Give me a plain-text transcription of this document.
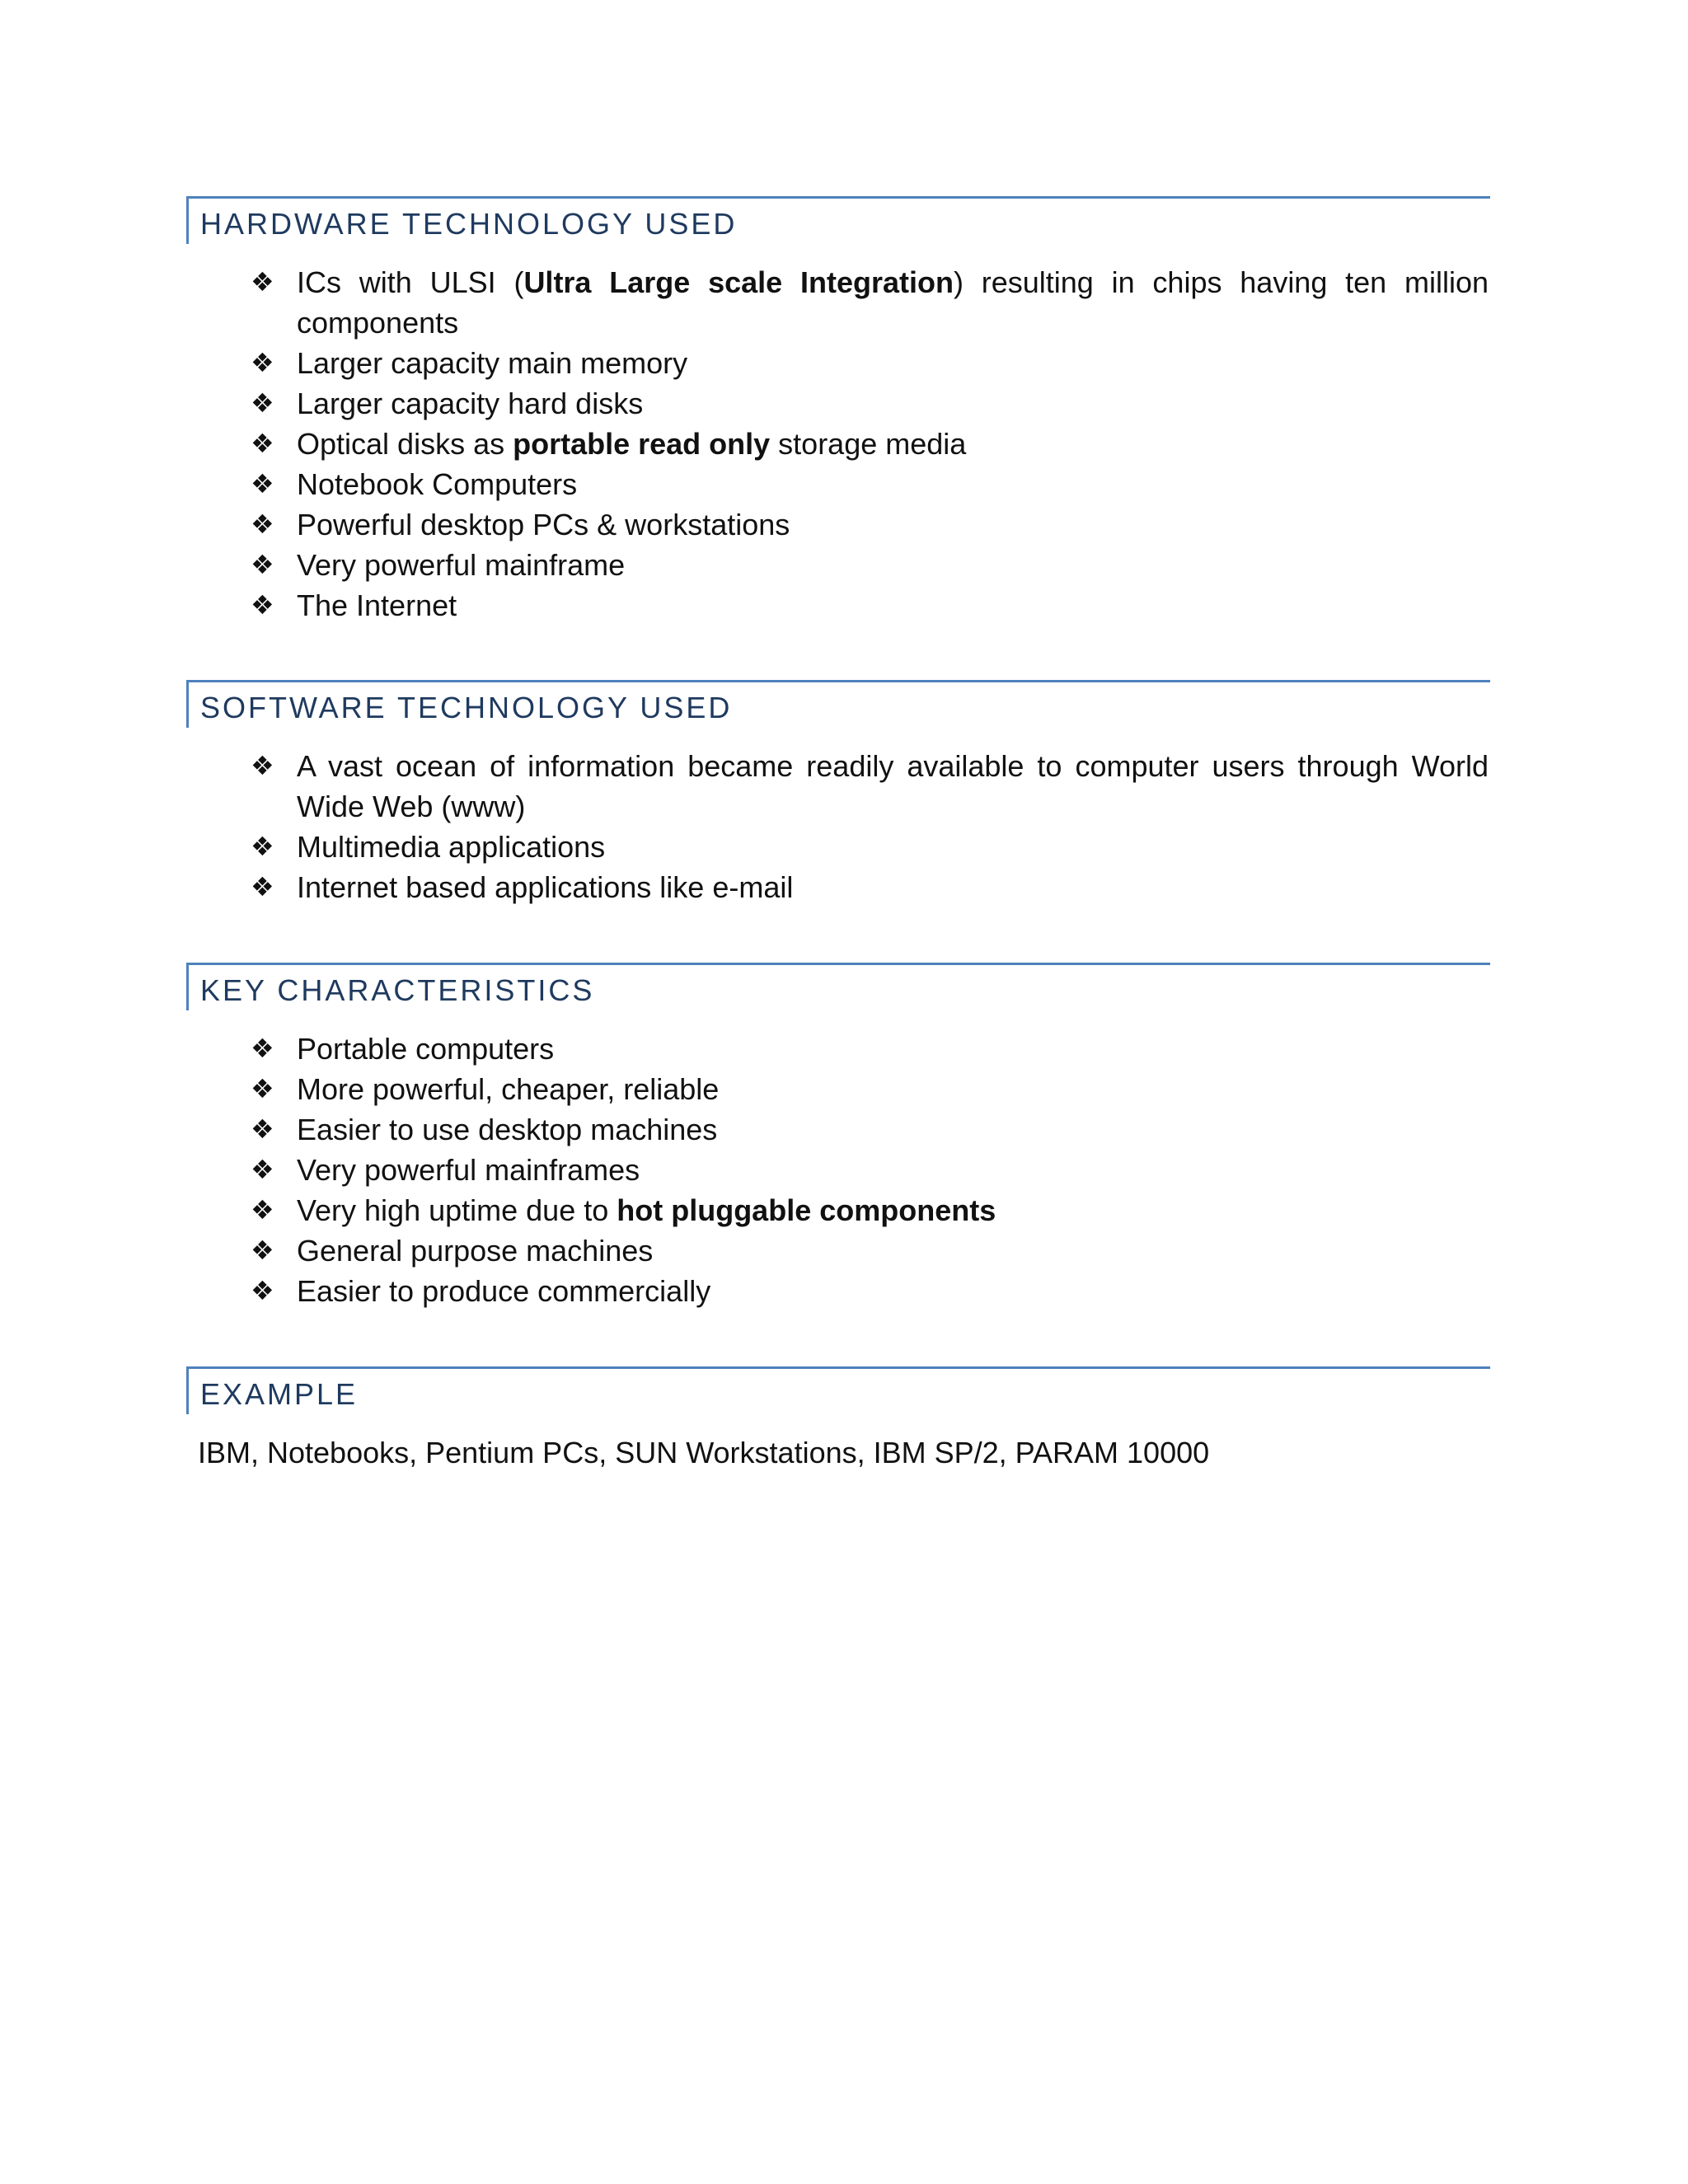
HARDWARE TECHNOLOGY USED
❖ ICs with ULSI (Ultra Large scale Integration) resulting in chips having ten million components
❖ Larger capacity main memory
❖ Larger capacity hard disks
❖ Optical disks as portable read only storage media
❖ Notebook Computers
❖ Powerful desktop PCs & workstations
❖ Very powerful mainframe
❖ The Internet
SOFTWARE TECHNOLOGY USED
❖ A vast ocean of information became readily available to computer users through World Wide Web (www)
❖ Multimedia applications
❖ Internet based applications like e-mail
KEY CHARACTERISTICS
❖ Portable computers
❖ More powerful, cheaper, reliable
❖ Easier to use desktop machines
❖ Very powerful mainframes
❖ Very high uptime due to hot pluggable components
❖ General purpose machines
❖ Easier to produce commercially
EXAMPLE
IBM, Notebooks, Pentium PCs, SUN Workstations, IBM SP/2, PARAM 10000
